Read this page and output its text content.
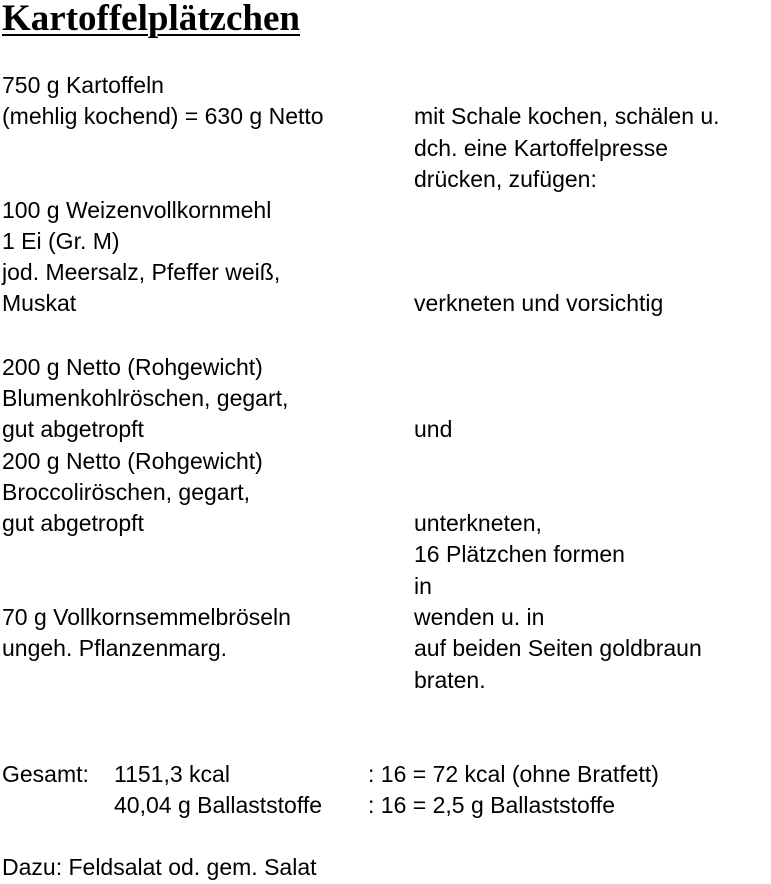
Kartoffelplätzchen
750 g Kartoffeln
(mehlig kochend) = 630 g Netto
100 g Weizenvollkornmehl
1 Ei (Gr. M)
jod. Meersalz, Pfeffer weiß,
Muskat
200 g Netto (Rohgewicht)
Blumenkohlröschen, gegart,
gut abgetropft
200 g Netto (Rohgewicht)
Broccoliröschen, gegart,
gut abgetropft
70 g Vollkornsemmelbröseln
ungeh. Pflanzenmarg.
mit Schale kochen, schälen u.
dch. eine Kartoffelpresse
drücken, zufügen:
verkneten und vorsichtig
und
unterkneten,
16 Plätzchen formen
in
wenden u. in
auf beiden Seiten goldbraun
braten.
Gesamt: 1151,3 kcal	: 16 = 72 kcal (ohne Bratfett)
40,04 g Ballaststoffe : 16 = 2,5 g Ballaststoffe
Dazu: Feldsalat od. gem. Salat
